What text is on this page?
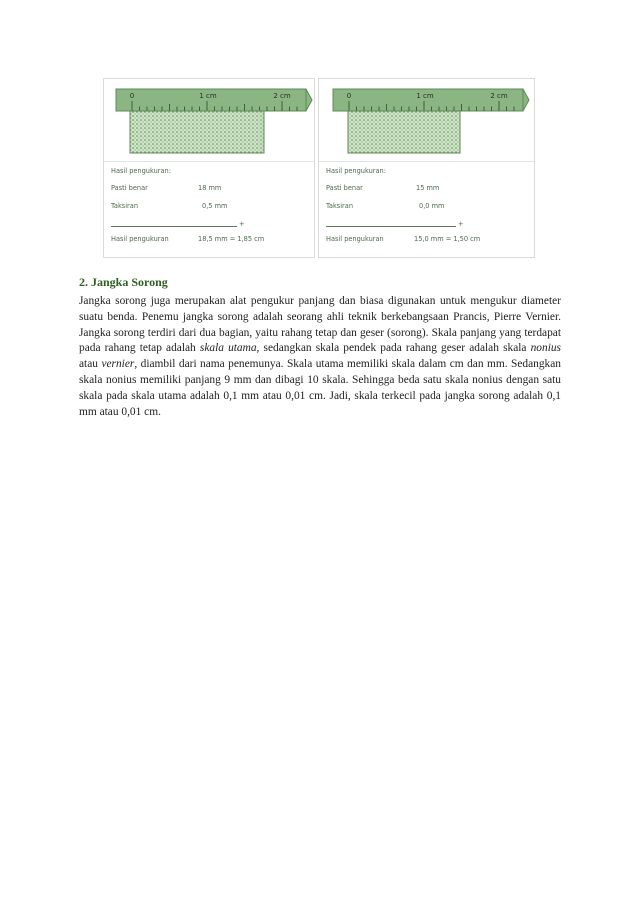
0	1 cm	2 cm
Hasil pengukuran:
Pasti benar	18 mm
Taksiran	0,5 mm
+
Hasil pengukuran	18,5 mm = 1,85 cm
0	1 cm	2 cm
Hasil pengukuran:
Pasti benar	15 mm
Taksiran	0,0 mm
+
Hasil pengukuran	15,0 mm = 1,50 cm
2. Jangka Sorong

Jangka sorong juga merupakan alat pengukur panjang dan biasa digunakan untuk mengukur diameter suatu benda. Penemu jangka sorong adalah seorang ahli teknik berkebangsaan Prancis, Pierre Vernier. Jangka sorong terdiri dari dua bagian, yaitu rahang tetap dan geser (sorong). Skala panjang yang terdapat pada rahang tetap adalah skala utama, sedangkan skala pendek pada rahang geser adalah skala nonius atau vernier, diambil dari nama penemunya. Skala utama memiliki skala dalam cm dan mm. Sedangkan skala nonius memiliki panjang 9 mm dan dibagi 10 skala. Sehingga beda satu skala nonius dengan satu skala pada skala utama adalah 0,1 mm atau 0,01 cm. Jadi, skala terkecil pada jangka sorong adalah 0,1 mm atau 0,01 cm.
